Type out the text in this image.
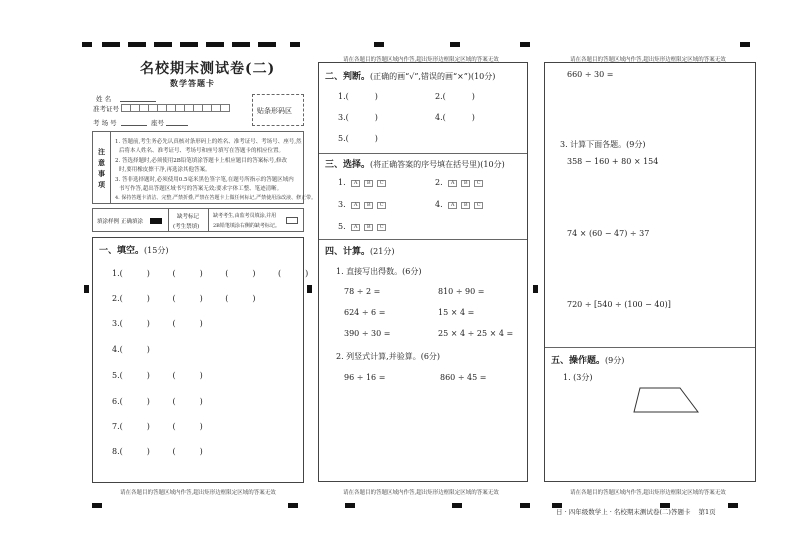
名校期末测试卷(二)
数学答题卡
姓 名
准考证号
考 场 号	座号
贴条形码区
注意事项
1. 答题前,考生务必先认真核对条形码上的姓名、准考证号、考场号、座号,然
后将本人姓名、准考证号、考场号和座号填写在答题卡的相应位置。
2. 答选择题时,必须使用2B铅笔填涂答题卡上相应题目的答案标号,修改
时,要用橡皮擦干净,再选涂其他答案。
3. 答非选择题时,必须使用0.5毫米黑色签字笔,在题号所指示的答题区域内
书写作答,超出答题区域书写的答案无效;要求字体工整、笔迹清晰。
4. 保持答题卡清洁、完整,严禁折叠,严禁在答题卡上做任何标记,严禁使用涂改液、修正带。
填涂样例 正确填涂
缺考标记
(考生禁填)
缺考考生,由监考员填涂,并用
2B铅笔填涂右侧的缺考标记。
一、填空。(15分)
1.(	)	(	)	(	)	(	)
2.(	)	(	)	(	)
3.(	)	(	)
4.(	)
5.(	)	(	)
6.(	)	(	)
7.(	)	(	)
8.(	)	(	)
请在各题目的答题区域内作答,超出矩形边框限定区域的答案无效
请在各题目的答题区域内作答,超出矩形边框限定区域的答案无效
二、判断。(正确的画“√”,错误的画“×”)(10分)
三、选择。(将正确答案的序号填在括号里)(10分)
四、计算。(21分)
1.(	)	2.(	)
3.(	)	4.(	)
5.(	)
1. A B C	2. A B C
3. A B C	4. A B C
5. A B C
1. 直接写出得数。(6分)
78 ÷ 2 =	810 ÷ 90 =
624 ÷ 6 =	15 × 4 =
390 ÷ 30 =	25 × 4 ÷ 25 × 4 =
2. 列竖式计算,并验算。(6分)
96 ÷ 16 =	860 ÷ 45 =
请在各题目的答题区域内作答,超出矩形边框限定区域的答案无效
请在各题目的答题区域内作答,超出矩形边框限定区域的答案无效
五、操作题。(9分)
660 ÷ 30 =
3. 计算下面各题。(9分)
358 − 160 + 80 × 154
74 × (60 − 47) ÷ 37
720 ÷ [540 ÷ (100 − 40)]
1. (3分)
请在各题目的答题区域内作答,超出矩形边框限定区域的答案无效
日 · 四年级数学上 · 名校期末测试卷(二)答题卡 第1页
